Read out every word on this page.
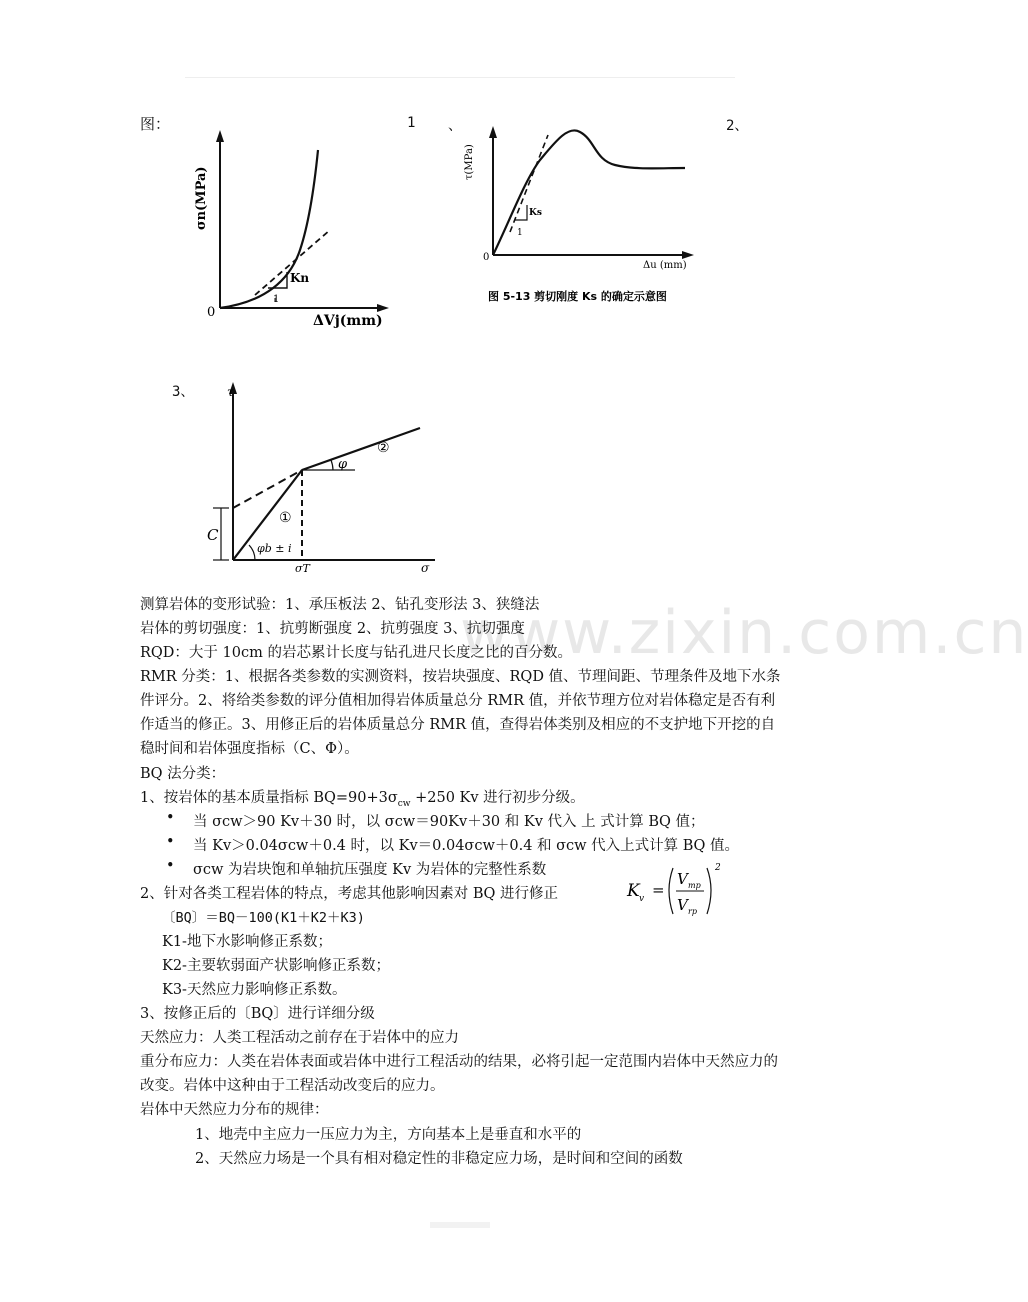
www.zixin.com.cn
图：	1 、	2、
3、
σn(MPa)
ΔVj(mm)
0
Kn
1
τ(MPa)
Δu (mm)
0
Ks
1
图 5-13 剪切刚度 Ks 的确定示意图
τ
σ
C
φ
②
①
φb ± i
σT
测算岩体的变形试验：1、承压板法 2、钻孔变形法 3、狭缝法
岩体的剪切强度：1、抗剪断强度 2、抗剪强度 3、抗切强度
RQD：大于 10cm 的岩芯累计长度与钻孔进尺长度之比的百分数。
RMR 分类：1、根据各类参数的实测资料，按岩块强度、RQD 值、节理间距、节理条件及地下水条件评分。2、将给类参数的评分值相加得岩体质量总分 RMR 值，并依节理方位对岩体稳定是否有利作适当的修正。3、用修正后的岩体质量总分 RMR 值，查得岩体类别及相应的不支护地下开挖的自稳时间和岩体强度指标（C、Φ）。
BQ 法分类：
1、按岩体的基本质量指标 $BQ=90+3\sigma_{cw} +250$ Kv 进行初步分级。
• 当 σcw＞90 Kv＋30 时，以 σcw＝90Kv＋30 和 Kv 代入 上 式计算 BQ 值；
• 当 Kv＞0.04σcw＋0.4 时，以 Kv＝0.04σcw＋0.4 和 σcw 代入上式计算 BQ 值。
• σcw 为岩块饱和单轴抗压强度 Kv 为岩体的完整性系数
2、针对各类工程岩体的特点，考虑其他影响因素对 BQ 进行修正	K v =
V mp
V rp
2
〔BQ〕＝BQ－100(K1＋K2＋K3)
K1-地下水影响修正系数；
K2-主要软弱面产状影响修正系数；
K3-天然应力影响修正系数。
3、按修正后的〔BQ〕进行详细分级
天然应力：人类工程活动之前存在于岩体中的应力
重分布应力：人类在岩体表面或岩体中进行工程活动的结果，必将引起一定范围内岩体中天然应力的改变。岩体中这种由于工程活动改变后的应力。
岩体中天然应力分布的规律：
1、地壳中主应力一压应力为主，方向基本上是垂直和水平的
2、天然应力场是一个具有相对稳定性的非稳定应力场，是时间和空间的函数
